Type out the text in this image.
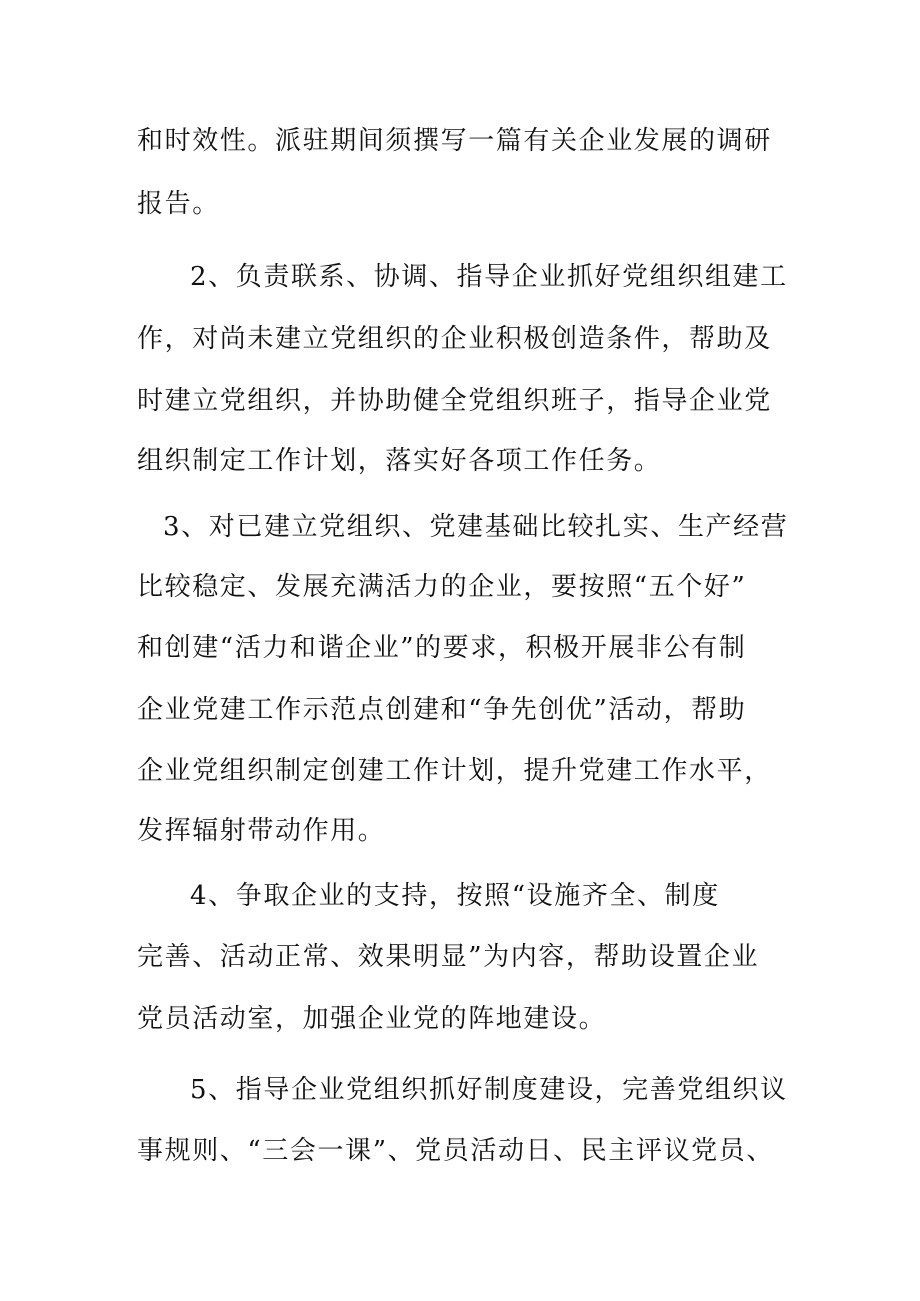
和时效性。派驻期间须撰写一篇有关企业发展的调研
报告。
2、负责联系、协调、指导企业抓好党组织组建工
作，对尚未建立党组织的企业积极创造条件，帮助及
时建立党组织，并协助健全党组织班子，指导企业党
组织制定工作计划，落实好各项工作任务。
3、对已建立党组织、党建基础比较扎实、生产经营
比较稳定、发展充满活力的企业，要按照“五个好”
和创建“活力和谐企业”的要求，积极开展非公有制
企业党建工作示范点创建和“争先创优”活动，帮助
企业党组织制定创建工作计划，提升党建工作水平，
发挥辐射带动作用。
4、争取企业的支持，按照“设施齐全、制度
完善、活动正常、效果明显”为内容，帮助设置企业
党员活动室，加强企业党的阵地建设。
5、指导企业党组织抓好制度建设，完善党组织议
事规则、“三会一课”、党员活动日、民主评议党员、
